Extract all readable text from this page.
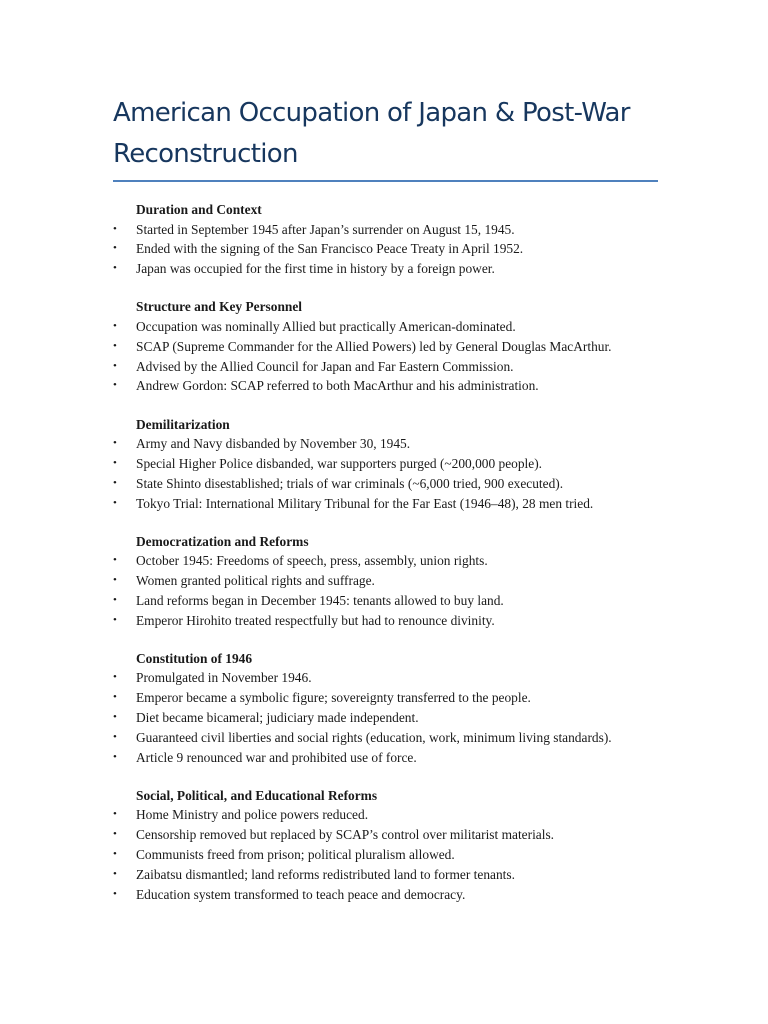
American Occupation of Japan & Post-War Reconstruction
Duration and Context
• Started in September 1945 after Japan’s surrender on August 15, 1945.
• Ended with the signing of the San Francisco Peace Treaty in April 1952.
• Japan was occupied for the first time in history by a foreign power.
Structure and Key Personnel
• Occupation was nominally Allied but practically American-dominated.
• SCAP (Supreme Commander for the Allied Powers) led by General Douglas MacArthur.
• Advised by the Allied Council for Japan and Far Eastern Commission.
• Andrew Gordon: SCAP referred to both MacArthur and his administration.
Demilitarization
• Army and Navy disbanded by November 30, 1945.
• Special Higher Police disbanded, war supporters purged (~200,000 people).
• State Shinto disestablished; trials of war criminals (~6,000 tried, 900 executed).
• Tokyo Trial: International Military Tribunal for the Far East (1946–48), 28 men tried.
Democratization and Reforms
• October 1945: Freedoms of speech, press, assembly, union rights.
• Women granted political rights and suffrage.
• Land reforms began in December 1945: tenants allowed to buy land.
• Emperor Hirohito treated respectfully but had to renounce divinity.
Constitution of 1946
• Promulgated in November 1946.
• Emperor became a symbolic figure; sovereignty transferred to the people.
• Diet became bicameral; judiciary made independent.
• Guaranteed civil liberties and social rights (education, work, minimum living standards).
• Article 9 renounced war and prohibited use of force.
Social, Political, and Educational Reforms
• Home Ministry and police powers reduced.
• Censorship removed but replaced by SCAP’s control over militarist materials.
• Communists freed from prison; political pluralism allowed.
• Zaibatsu dismantled; land reforms redistributed land to former tenants.
• Education system transformed to teach peace and democracy.
